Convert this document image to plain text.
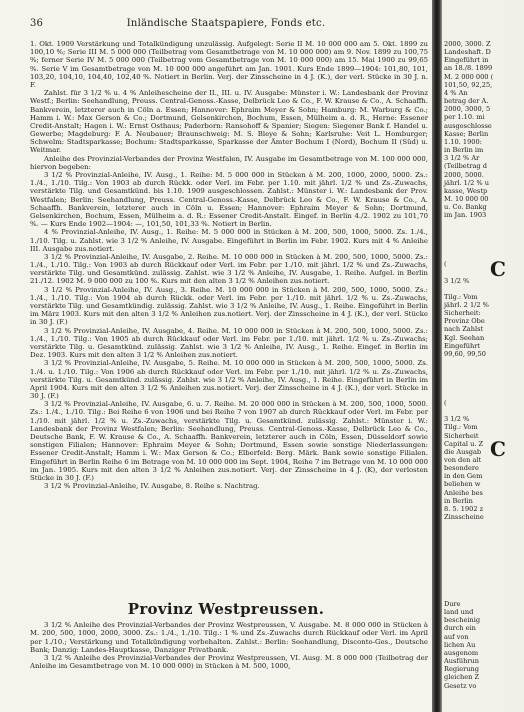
36	Inländische Staatspapiere, Fonds etc.

1. Okt. 1909 Verstärkung und Totalkündigung unzulässig. Aufgelegt: Serie II M. 10 000 000 am 5. Okt. 1899 zu 100,10 %; Serie III M. 5 000 000 (Teilbetrag vom Gesamtbetrage von M. 10 000 000) am 9. Nov. 1899 zu 100,75 %; ferner Serie IV M. 5 000 000 (Teilbetrag vom Gesamtbetrage von M. 10 000 000) am 15. Mai 1900 zu 99,65 %. Serie V im Gesamtbetrage von M. 10 000 000 angeführt am Jan. 1901. Kurs Ende 1899—1904: 101,80, 101, 103,20, 104,10, 104,40, 102,40 %. Notiert in Berlin. Verj. der Zinsscheine in 4 J. (K.), der verl. Stücke in 30 J. n. F.

Zahlst. für 3 1/2 % u. 4 % Anleihescheine der II., III. u. IV. Ausgabe: Münster i. W.: Landesbank der Provinz Westf.; Berlin: Seehandlung, Preuss. Central-Genoss.-Kasse, Delbrück Leo & Co., F. W. Krause & Co., A. Schaaffh. Bankverein, letzterer auch in Cöln a. Essen; Hannover: Ephraim Meyer & Sohn; Hamburg: M. Warburg & Co.; Hamm i. W.: Max Gerson & Co.; Dortmund, Gelsenkirchen, Bochum, Essen, Mülheim a. d. R., Herne: Essener Credit-Anstalt; Hagen i. W.: Ernst Osthaus; Paderborn: Ransohoff & Spanier; Siegen: Siegener Bank f. Handel u. Gewerbe; Magdeburg: F. A. Neubauer; Braunschweig: M. S. Bleye & Sohn; Karlsruhe: Veit L. Homburger; Schwelm: Stadtsparkasse; Bochum: Stadtsparkasse, Sparkasse der Ämter Bochum I (Nord), Bochum II (Süd) u. Weitmar.

Anleihe des Provinzial-Verbandes der Provinz Westfalen, IV. Ausgabe im Gesamtbetrage von M. 100 000 000, hiervon begeben:

3 1/2 % Provinzial-Anleihe, IV. Ausg., 1. Reihe: M. 5 000 000 in Stücken à M. 200, 1000, 2000, 5000. Zs.: 1./4., 1./10. Tilg.: Von 1903 ab durch Rückk. oder Verl. im Febr. per 1.10. mit jährl. 1/2 % und Zs.-Zuwachs, verstärkte Tilg. und Gesamtkünd. bis 1.10. 1909 ausgeschlossen. Zahlst.: Münster i. W.: Landesbank der Prov. Westfalen; Berlin: Seehandlung, Preuss. Central-Genoss.-Kasse, Delbrück Leo & Co., F. W. Krause & Co., A. Schaaffh. Bankverein, letzterer auch in Cöln u. Essen; Hannover: Ephraim Meyer & Sohn; Dortmund, Gelsenkirchen, Bochum, Essen, Mülheim a. d. R.: Essener Credit-Anstalt. Eingef. in Berlin 4./2. 1902 zu 101,70 %. — Kurs Ende 1902—1904: —, 101,50, 101,33 %. Notiert in Berlin.

4 % Provinzial-Anleihe, IV. Ausg., 1. Reihe: M. 5 000 000 in Stücken à M. 200, 500, 1000, 5000. Zs. 1./4., 1./10. Tilg. u. Zahlst. wie 3 1/2 % Anleihe, IV. Ausgabe. Eingeführt in Berlin im Febr. 1902. Kurs mit 4 % Anleihe III. Ausgabe zus.notiert.

3 1/2 % Provinzial-Anleihe, IV. Ausgabe, 2. Reihe. M. 10 000 000 in Stücken à M. 200, 500, 1000, 5000. Zs.: 1./4., 1./10. Tilg.: Von 1903 ab durch Rückkauf oder Verl. im Febr. per 1./10. mit jährl. 1/2 % und Zs.-Zuwachs, verstärkte Tilg. und Gesamtkünd. zulässig. Zahlst. wie 3 1/2 % Anleihe, IV. Ausgabe, 1. Reihe. Aufgel. in Berlin 21./12. 1902 M. 9 000 000 zu 100 %. Kurs mit den alten 3 1/2 % Anleihen zus.notiert.

3 1/2 % Provinzial-Anleihe, IV. Ausg., 3. Reihe. M. 10 000 000 in Stücken à M. 200, 500, 1000, 5000. Zs.: 1./4., 1./10. Tilg.: Von 1904 ab durch Rückk. oder Verl. im Febr. per 1./10. mit jährl. 1/2 % u. Zs.-Zuwachs, verstärkte Tilg. und Gesamtkündig. zulässig. Zahlst. wie 3 1/2 % Anleihe, IV. Ausg., 1. Reihe. Eingeführt in Berlin im März 1903. Kurs mit den alten 3 1/2 % Anleihen zus.notiert. Verj. der Zinsscheine in 4 J. (K.), der verl. Stücke in 30 J. (F.)

3 1/2 % Provinzial-Anleihe, IV. Ausgabe, 4. Reihe. M. 10 000 000 in Stücken à M. 200, 500, 1000, 5000. Zs.: 1./4., 1./10. Tilg.: Von 1905 ab durch Rückkauf oder Verl. im Febr. per 1./10. mit jährl. 1/2 % u. Zs.-Zuwachs; verstärkte Tilg. u. Gesamtkünd. zulässig. Zahlst. wie 3 1/2 % Anleihe, IV. Ausg., 1. Reihe. Eingef. in Berlin im Dez. 1903. Kurs mit den alten 3 1/2 % Anleihen zus.notiert.

3 1/2 % Provinzial-Anleihe, IV. Ausgabe, 5. Reihe. M. 10 000 000 in Stücken à M. 200, 500, 1000, 5000. Zs. 1./4. u. 1./10. Tilg.: Von 1906 ab durch Rückkauf oder Verl. im Febr. per 1./10. mit jährl. 1/2 % u. Zs.-Zuwachs, verstärkte Tilg. u. Gesamtkünd. zulässig. Zahlst. wie 3 1/2 % Anleihe, IV. Ausg., 1. Reihe. Eingeführt in Berlin im April 1904. Kurs mit den alten 3 1/2 % Anleihen zus.notiert. Verj. der Zinsscheine in 4 J. (K.), der verl. Stücke in 30 J. (F.)

3 1/2 % Provinzial-Anleihe, IV. Ausgabe, 6. u. 7. Reihe. M. 20 000 000 in Stücken à M. 200, 500, 1000, 5000. Zs.: 1./4., 1./10. Tilg.: Bei Reihe 6 von 1906 und bei Reihe 7 von 1907 ab durch Rückkauf oder Verl. im Febr. per 1./10. mit jährl. 1/2 % u. Zs.-Zuwachs, verstärkte Tilg. u. Gesamtkünd. zulässig. Zahlst.: Münster i. W.: Landesbank der Provinz Westfalen; Berlin: Seehandlung, Preuss. Central-Genoss.-Kasse, Delbrück Leo & Co., Deutsche Bank, F. W. Krause & Co., A. Schaaffh. Bankverein, letzterer auch in Cöln, Essen, Düsseldorf sowie sonstigen Filialen; Hannover: Ephraim Meyer & Sohn; Dortmund, Essen sowie sonstige Niederlassungen: Essener Credit-Anstalt; Hamm i. W.: Max Gerson & Co.; Elberfeld: Berg. Märk. Bank sowie sonstige Filialen. Eingeführt in Berlin Reihe 6 im Betrage von M. 10 000 000 im Sept. 1904, Reihe 7 im Betrage von M. 10 000 000 im Jan. 1905. Kurs mit den alten 3 1/2 % Anleihen zus.notiert. Verj. der Zinsscheine in 4 J. (K), der verlosten Stücke in 30 J. (F.)

3 1/2 % Provinzial-Anleihe, IV. Ausgabe, 8. Reihe s. Nachtrag.

Provinz Westpreussen.

3 1/2 % Anleihe des Provinzial-Verbandes der Provinz Westpreussen, V. Ausgabe. M. 8 000 000 in Stücken à M. 200, 500, 1000, 2000, 3000. Zs.: 1./4., 1./10. Tilg.: 1 % und Zs.-Zuwachs durch Rückkauf oder Verl. im April per 1./10.; Verstärkung und Totalkündigung vorbehalten. Zahlst.: Berlin: Seehandlung, Disconto-Ges., Deutsche Bank; Danzig: Landes-Hauptkasse, Danziger Privatbank.

3 1/2 % Anleihe des Provinzial-Verbandes der Provinz Westpreussen, VI. Ausg. M. 8 000 000 (Teilbetrag der Anleihe im Gesamtbetrage von M. 10 000 000) in Stücken à M. 500, 1000,

2000, 3000. Z
Landeshaft. D
Eingeführt in
an 18./8. 1899
M. 2 000 000 (
101,50, 92,25,
4 % An
betrag der A.
2000, 3000, 5
per 1.10. mi
ausgeschlosse
Kasse; Berlin
1.10. 1900:
in Berlin im
3 1/2 % Ar
(Teilbetrag d
2000, 5000.
jährl. 1/2 % u
kasse, Westp
M. 10 000 00
u. Co. Bankg
im Jan. 1903
(
3 1/2 %
Tilg.: Vom
jährl. 2 1/2 %
Sicherheit:
Provinz Obe
nach Zahlst
Kgl. Seehan
Eingeführt
99,60, 99,50
(
3 1/2 %
Tilg.: Vom
Sicherheit
Capital u. Z
die Ausgab
von den alt
besondere
in den Gem
beliehen w
Anleihe bes
in Berlin
8. 5. 1902 z
Zinsscheine
C
C
Dure
land und
bescheinig
durch ein
auf von
lichen Au
ausgenom
Ausführun
Regierung
gleichen Z
Gesetz vo
